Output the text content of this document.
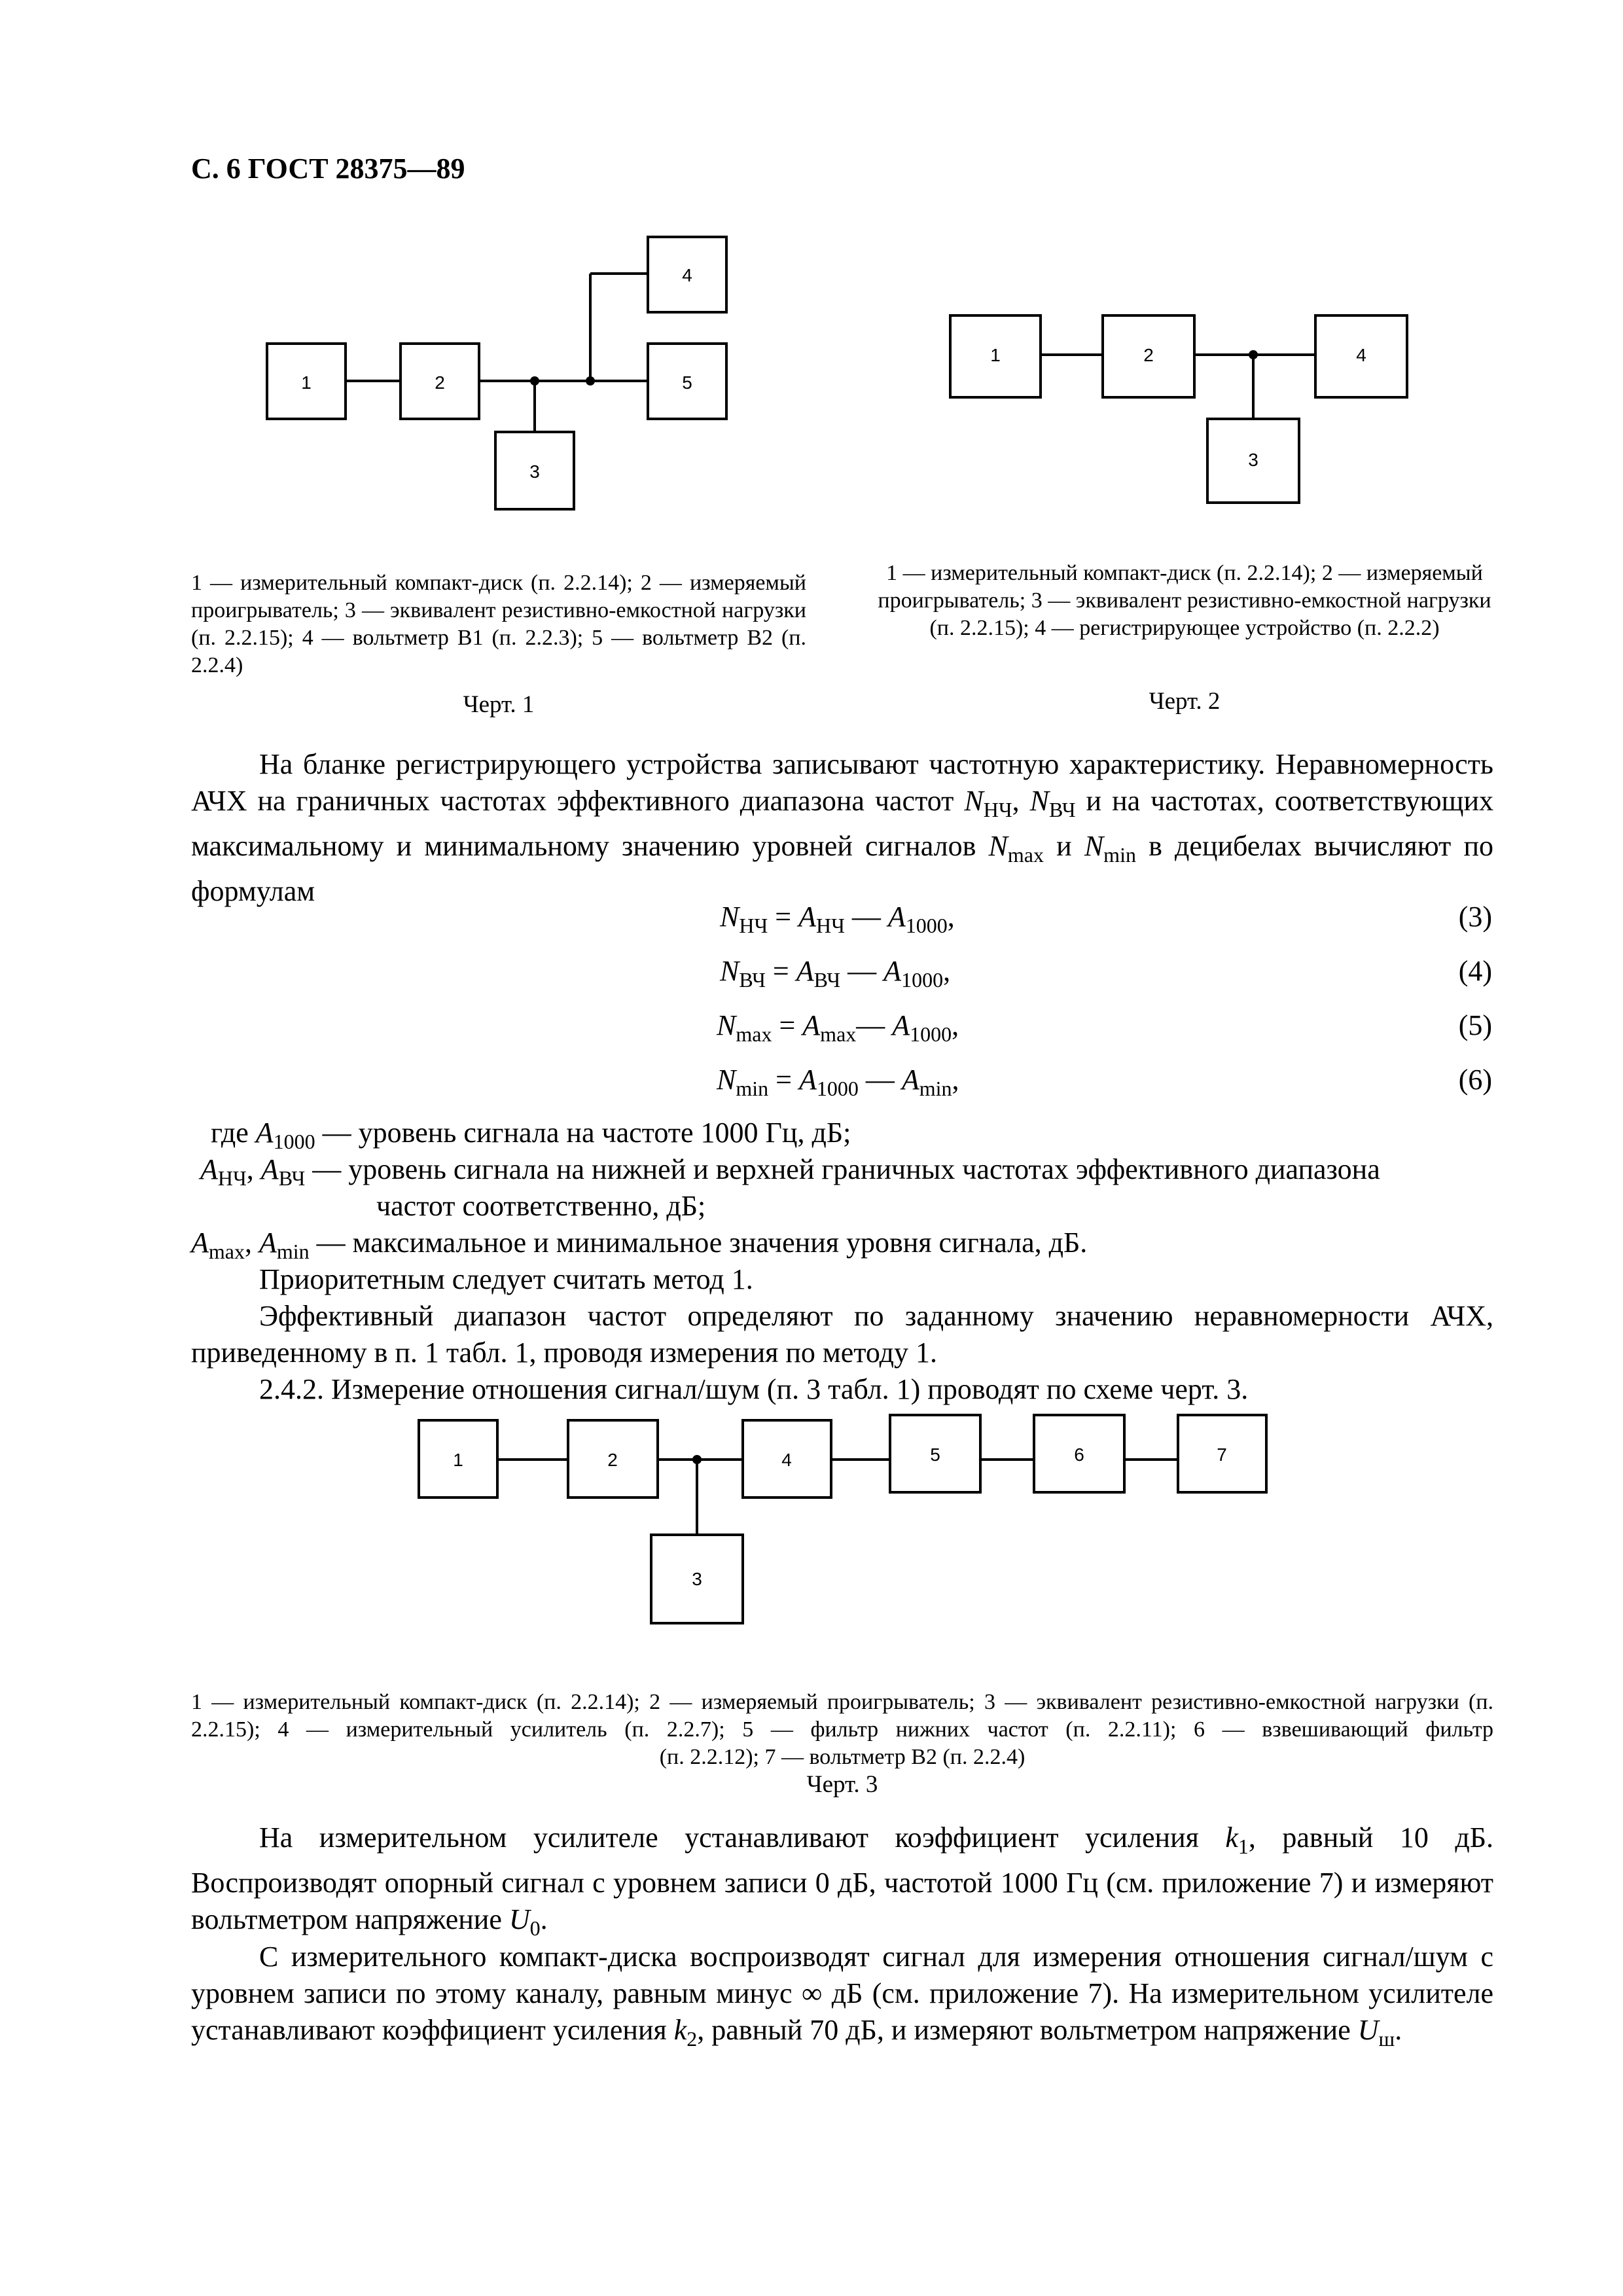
С. 6 ГОСТ 28375—89
1	2
3
4
5
1	2
3
4
1 — измерительный компакт-диск (п. 2.2.14); 2 — измеряемый проигрыватель; 3 — эквивалент резистивно-емкостной нагрузки (п. 2.2.15); 4 — вольтметр В1 (п. 2.2.3); 5 — вольтметр В2 (п. 2.2.4)
Черт. 1
1 — измерительный компакт-диск (п. 2.2.14); 2 — измеряемый проигрыватель; 3 — эквивалент резистивно-емкостной нагрузки (п. 2.2.15); 4 — регистрирующее устройство (п. 2.2.2)
Черт. 2

На бланке регистрирующего устройства записывают частотную характеристику. Неравномерность АЧХ на граничных частотах эффективного диапазона частот $N_{НЧ}$, $N_{ВЧ}$ и на частотах, соответствующих максимальному и минимальному значению уровней сигналов $N_{max}$ и $N_{min}$ в децибелах вычисляют по формулам

$N_{НЧ} = A_{НЧ}$ — $A_{1000}$,	(3)
$N_{ВЧ} = A_{ВЧ}$ — $A_{1000}$,	(4)
$N_{max}$ = $A_{max}—$ $A_{1000}$,	(5)
$N_{min} = A_{1000}$ — $A_{min}$,	(6)
где $A_{1000}$ — уровень сигнала на частоте 1000 Гц, дБ;
$A_{НЧ}$, $A_{ВЧ}$ — уровень сигнала на нижней и верхней граничных частотах эффективного диапазона
частот соответственно, дБ;
$A_{max}$, $A_{min}$ — максимальное и минимальное значения уровня сигнала, дБ.
Приоритетным следует считать метод 1.

Эффективный диапазон частот определяют по заданному значению неравномерности АЧХ, приведенному в п. 1 табл. 1, проводя измерения по методу 1.

2.4.2. Измерение отношения сигнал/шум (п. 3 табл. 1) проводят по схеме черт. 3.
1	2
3
4	5	6	7
1 — измерительный компакт-диск (п. 2.2.14); 2 — измеряемый проигрыватель; 3 — эквивалент резистивно-емкостной нагрузки (п. 2.2.15); 4 — измерительный усилитель (п. 2.2.7); 5 — фильтр нижних частот (п. 2.2.11); 6 — взвешивающий фильтр
(п. 2.2.12); 7 — вольтметр В2 (п. 2.2.4)
Черт. 3

На измерительном усилителе устанавливают коэффициент усиления $k_1$, равный 10 дБ. Воспроизводят опорный сигнал с уровнем записи 0 дБ, частотой 1000 Гц (см. приложение 7) и измеряют вольтметром напряжение $U_0$.

С измерительного компакт-диска воспроизводят сигнал для измерения отношения сигнал/шум с уровнем записи по этому каналу, равным минус ∞ дБ (см. приложение 7). На измерительном усилителе устанавливают коэффициент усиления $k_2$, равный 70 дБ, и измеряют вольтметром напряжение $U_ш$.
